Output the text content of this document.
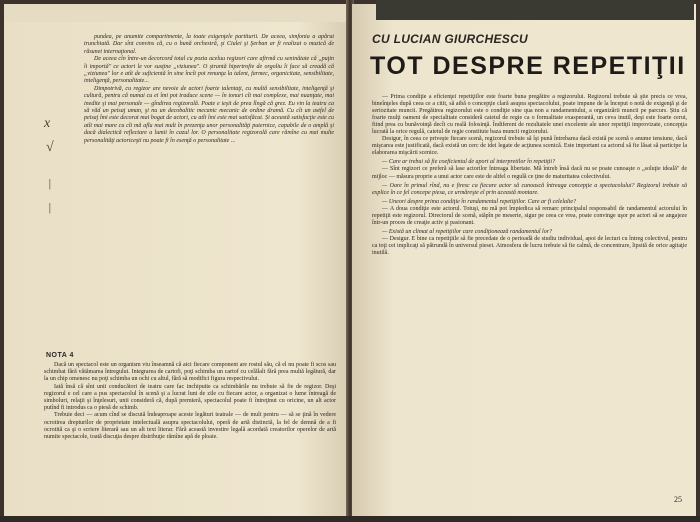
pundea, pe anumite compartimente, la toate exigenţele partiturii. De aceea, simfonia a apărut trunchiată. Dar sînt convins că, cu o bună orchestră, şi Ciulei şi Şerban ar fi realizat o muzică de răsunet internaţional.

De aceea cîn între-un decorcord total cu pozia aceluu regizori care afirmă cu seninătate că „puţin îi importă" ce actori le vor susţine „viziunea". O ştrantă hipertrofie de orgoliu îi face să creadă că „viziunea" lor e atît de suficientă în sine încît pot renunţa la talent, farmec, organicitate, sensibilitate, inteligenţă, personalitate...

Dimpotrivă, cu regizor are nevoie de actori foarte talentaţi, cu multă sensibilitate, inteligenţă şi cultură, pentru că numai cu ei îmi pot traduce scene — în tonuri cît mai complexe, mai nuanţate, mai inedite şi mai personale — gîndirea regizorală. Poate e ieşit de prea lîngă că grez. Eu vin la teatru ca să văd un peisaj uman, şi nu un decobalitic mecanic mecanic de ordine dramă. Cu cît un astfel de peisaj îmi este decorat mai bogat de actori, cu atît îmi este mai satisfăcut. Și această satisfacţie este cu atît mai mare cu cît mă aflu mai mult în prezenţa unor personalităţi puternice, capabile de o amplă şi dacă dialectică reflectare a lumii în cazul lor. O personalitate regizorală care rămîne cu mai multe personalităţi actoriceşti nu poate fi în esenţă o personalitate ...

x
√
|
|
NOTA 4

Dacă un spectacol este un organism viu înseamnă că aici fiecare component are rostul său, că el nu poate fi scos sau schimbat fără vătămarea întregului. Integrarea de cartofi, poţi schimba un cartof cu celălalt fără prea multă legătură, dar la un chip omenesc nu poţi schimba un ochi cu altul, fără să modifici figura respectivului.

Iată însă că sînt unii conducători de teatru care fac inchipuite ca schimbările nu trebuie să fie de regizor. Deşi regizorul e cel care a pus spectacolul în scenă şi a lucrat luni de zile cu fiecare actor, a organizat o lume întreagă de simboluri, relaţii şi înţelesuri, unii consideră că, după premieră, spectacolul poate fi întreţinut cu oricine, un alt actor putînd fi introdus ca o piesă de schimb.

Trebuie deci — acum cînd se discută îndeaproape aceste legături teatrale — de mult pentru — să se ţină în vedere ocrotirea drepturilor de proprietate intelectuală asupra spectacolului, operă de artă distinctă, la fel de demnă de a fi ocrotită ca şi o scriere literară sau un alt text literar. Fără această investire legală acordată creatorilor operelor de artă numite spectacole, toată discuţia despre distribuţie rămîne apă de ploaie.

— Prima condiţie a eficienţei repetiţiilor este foarte buna pregătire a regizorului. Regizorul trebuie să ştie precis ce vrea, bineînţeles după ceea ce a citit, să aibă o concepţie clară asupra spectacolului, poate impune de la început o notă de exigenţă şi de seriozitate muncii. Pregătirea regizorului este o condiţie sine qua non a randamentului, a organizării muncii pe parcurs. Știu că foarte mulţi oameni de specialitate consideră caietul de regie ca o formalitate exasperantă, un ceva inutil, deşi este foarte cerut, fiind prea cu bunăvoinţă decît cu reală folosinţă. Îndiferent de rezultatele unei excelente ale unor repetiţii improvizate, concepţia lucrată la orice regulă, caietul de regie constituie baza muncii regizorului.

Desigur, în ceea ce priveşte fiecare scenă, regizorul trebuie să îşi pună întrebarea dacă există pe scenă o anume tensiune, dacă mişcarea este justificată, dacă există un cerc de idei legate de acţiunea scenică. Este important ca actorul să fie lăsat să participe la elaborarea mişcării scenice.

— Care ar trebui să fie coeficientul de aport al interpretilor în repetiţii?

— Sînt regizori ce preferă să lase actorilor întreaga libertate. Mă întreb însă dacă nu se poate cunoaşte o „soluţie ideală" de mijloc — măsura proprie a unui actor care este de altfel o regulă ce ţine de maturitatea colectivului.

— Oare în primul rînd, nu e firesc ca fiecare actor să cunoască întreaga concepţie a spectacolului? Regizorul trebuie să explice în ce fel concepe piesa, ce urmăreşte el prin această montare.

— Uneori despre prima condiţie în randamentul repetiţiilor. Care ar fi celelalte?

— A doua condiţie este actorul. Totuşi, nu mă pot împiedica să remarc principalul responsabil de randamentul actorului în repetiţii este regizorul. Directorul de scenă, stăpîn pe meserie, sigur pe ceea ce vrea, poate convinge uşor pe actori să se angajeze într-un proces de creaţie activ şi pasionant.

— Există un climat al repetiţiilor care condiţionează randamentul lor?

— Desigur. E bine ca repetiţiile să fie precedate de o perioadă de studiu individual, apoi de lecturi cu întreg colectivul, pentru ca toţi cei implicaţi să pătrundă în universul piesei. Atmosfera de lucru trebuie să fie calmă, de concentrare, lipsită de orice agitaţie inutilă.

25
CU LUCIAN GIURCHESCU
TOT DESPRE REPETIŢII
